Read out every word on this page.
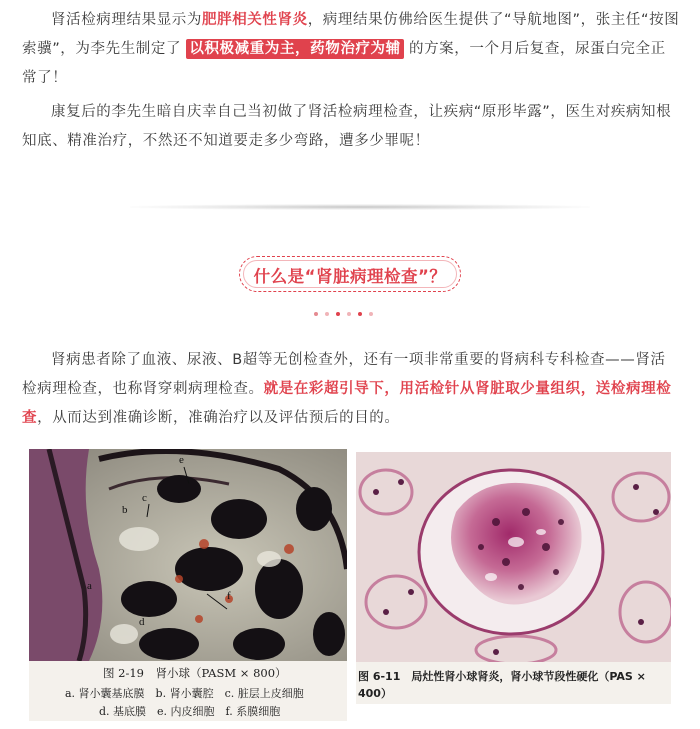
肾活检病理结果显示为肥胖相关性肾炎，病理结果仿佛给医生提供了“导航地图”，张主任“按图索骥”，为李先生制定了 以积极减重为主，药物治疗为辅 的方案，一个月后复查，尿蛋白完全正常了！

康复后的李先生暗自庆幸自己当初做了肾活检病理检查，让疾病“原形毕露”，医生对疾病知根知底、精准治疗，不然还不知道要走多少弯路，遭多少罪呢！

什么是“肾脏病理检查”？

肾病患者除了血液、尿液、B超等无创检查外，还有一项非常重要的肾病科专科检查——肾活检病理检查，也称肾穿刺病理检查。就是在彩超引导下，用活检针从肾脏取少量组织，送检病理检查，从而达到准确诊断，准确治疗以及评估预后的目的。

e
b
c
a
f
d
图 2-19　肾小球（PASM × 800）
a. 肾小囊基底膜　b. 肾小囊腔　c. 脏层上皮细胞
d. 基底膜　e. 内皮细胞　f. 系膜细胞
图 6-11　局灶性肾小球肾炎，肾小球节段性硬化（PAS × 400）
